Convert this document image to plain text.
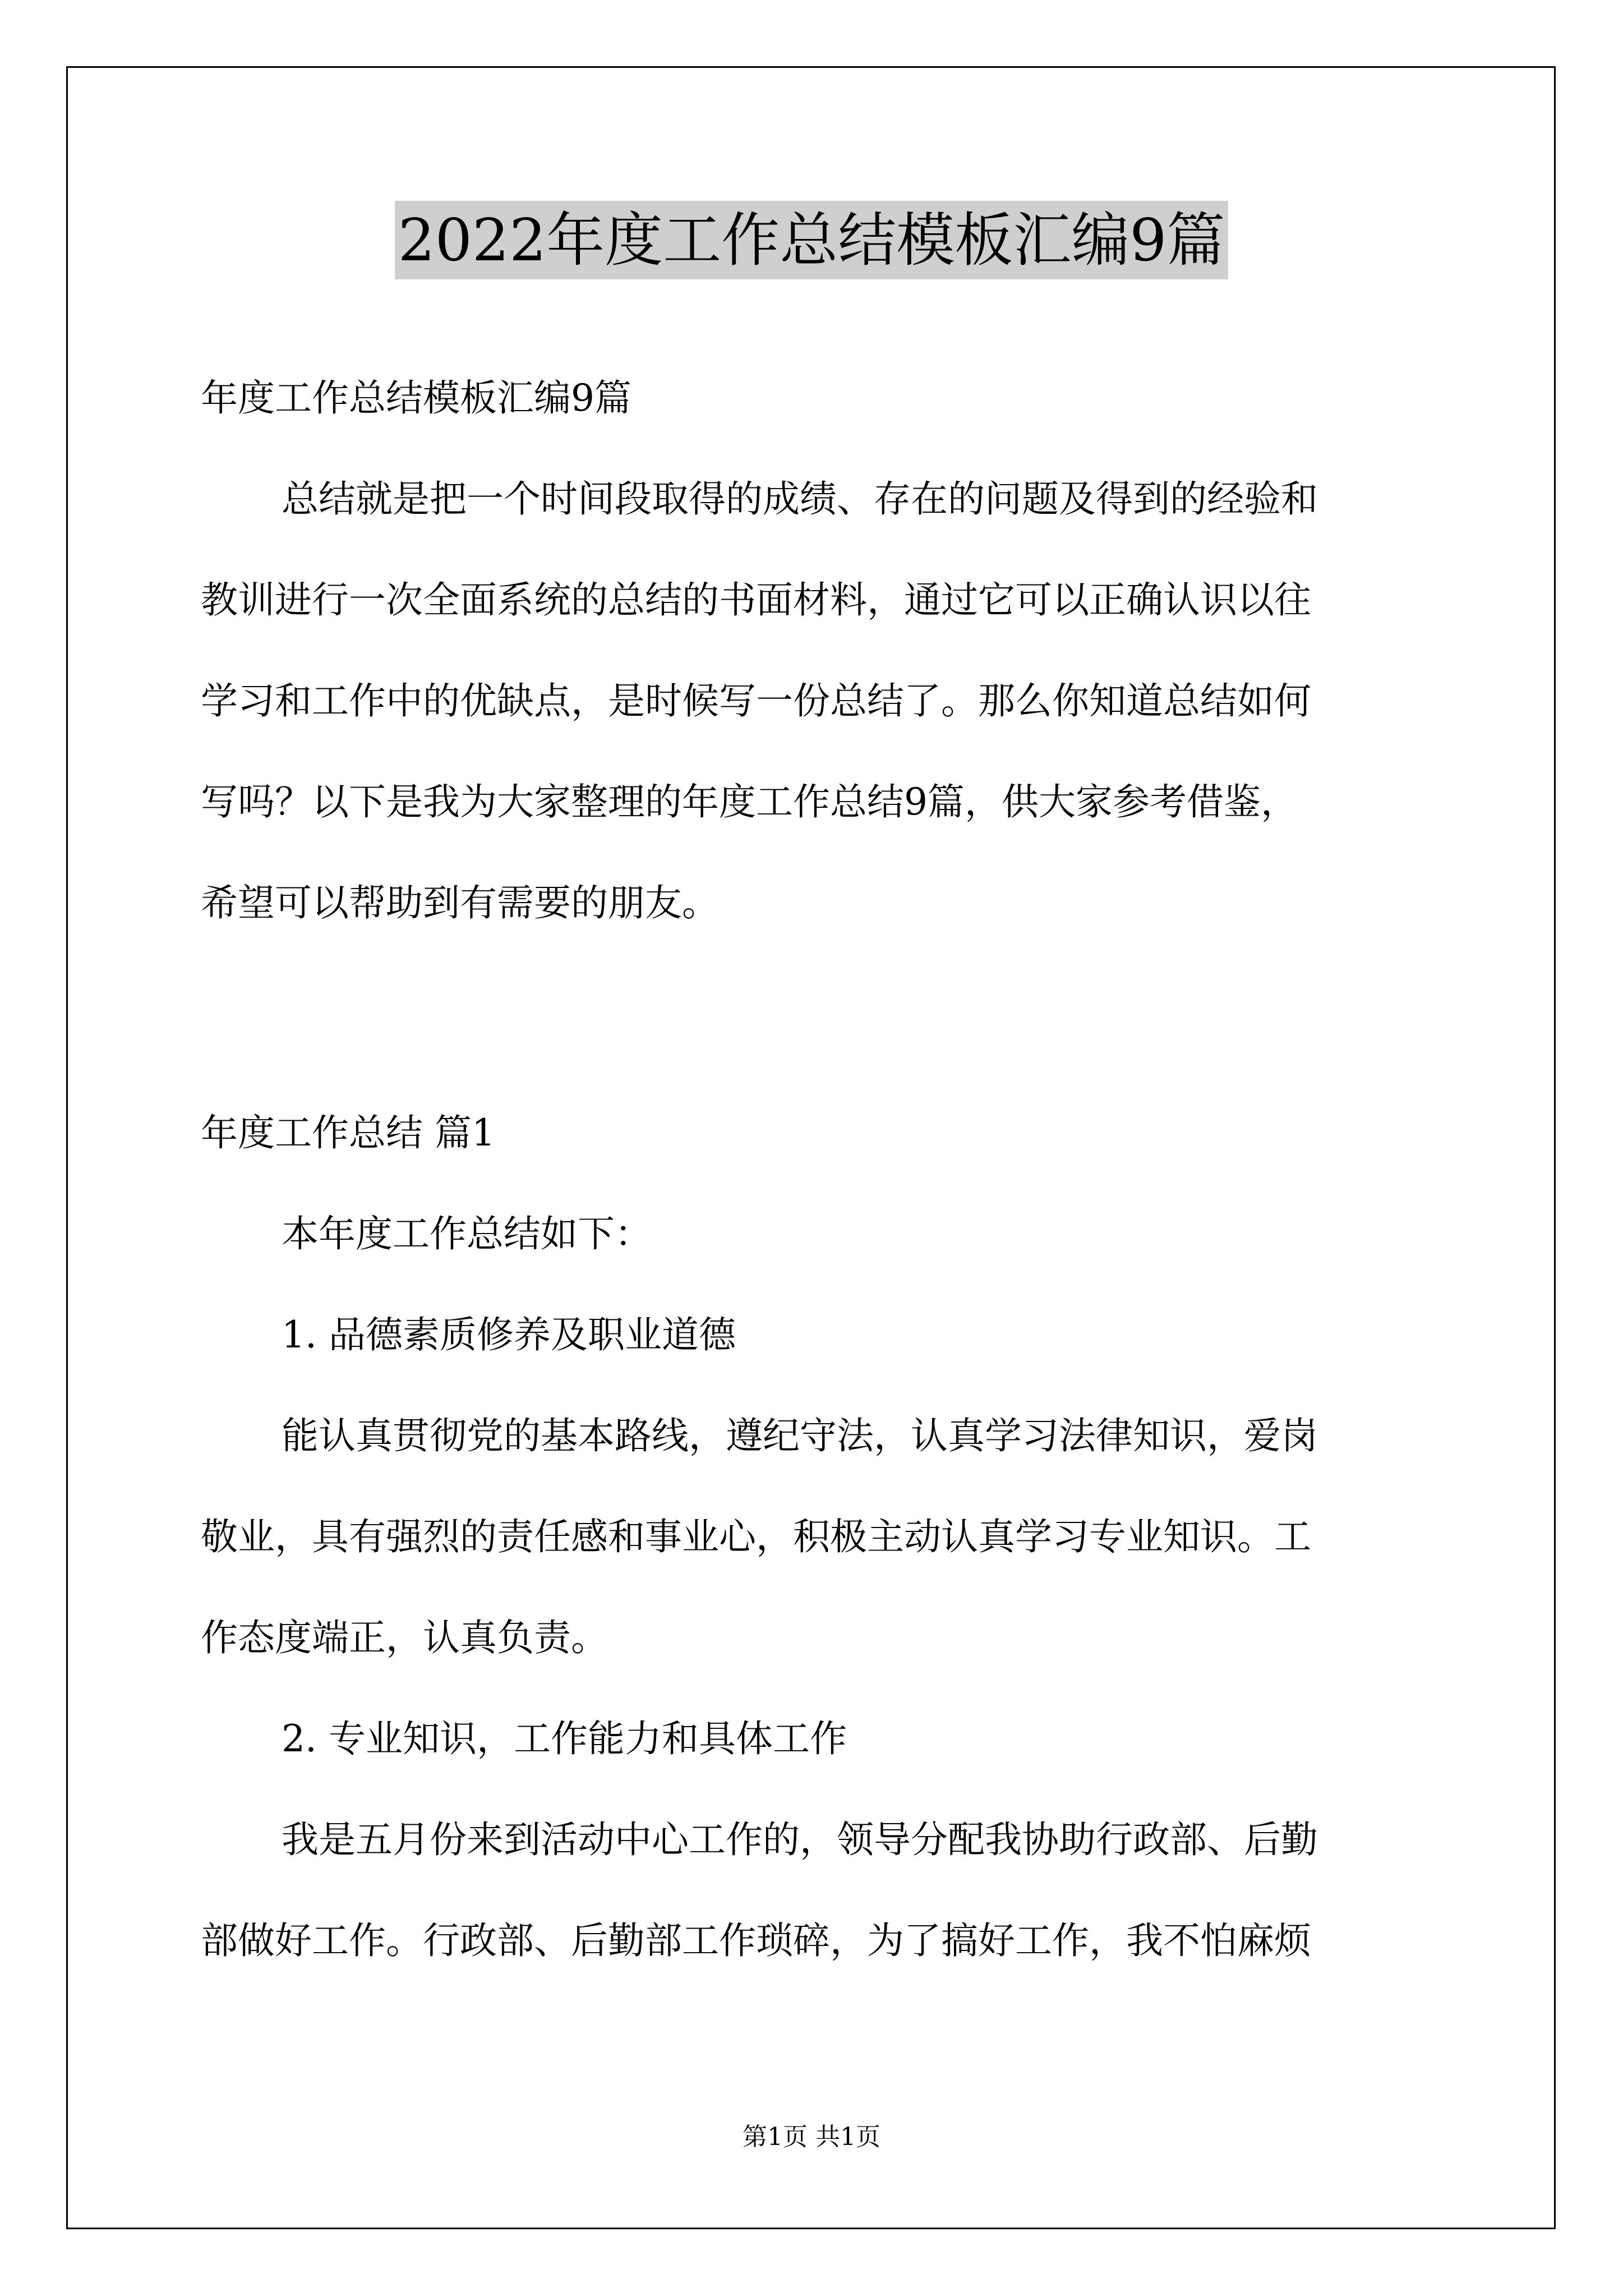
2022年度工作总结模板汇编9篇
年度工作总结模板汇编9篇
总结就是把一个时间段取得的成绩、存在的问题及得到的经验和
教训进行一次全面系统的总结的书面材料，通过它可以正确认识以往
学习和工作中的优缺点，是时候写一份总结了。那么你知道总结如何
写吗？以下是我为大家整理的年度工作总结9篇，供大家参考借鉴，
希望可以帮助到有需要的朋友。
年度工作总结 篇1
本年度工作总结如下：
1. 品德素质修养及职业道德
能认真贯彻党的基本路线，遵纪守法，认真学习法律知识，爱岗
敬业，具有强烈的责任感和事业心，积极主动认真学习专业知识。工
作态度端正，认真负责。
2. 专业知识，工作能力和具体工作
我是五月份来到活动中心工作的，领导分配我协助行政部、后勤
部做好工作。行政部、后勤部工作琐碎，为了搞好工作，我不怕麻烦
第1页 共1页
